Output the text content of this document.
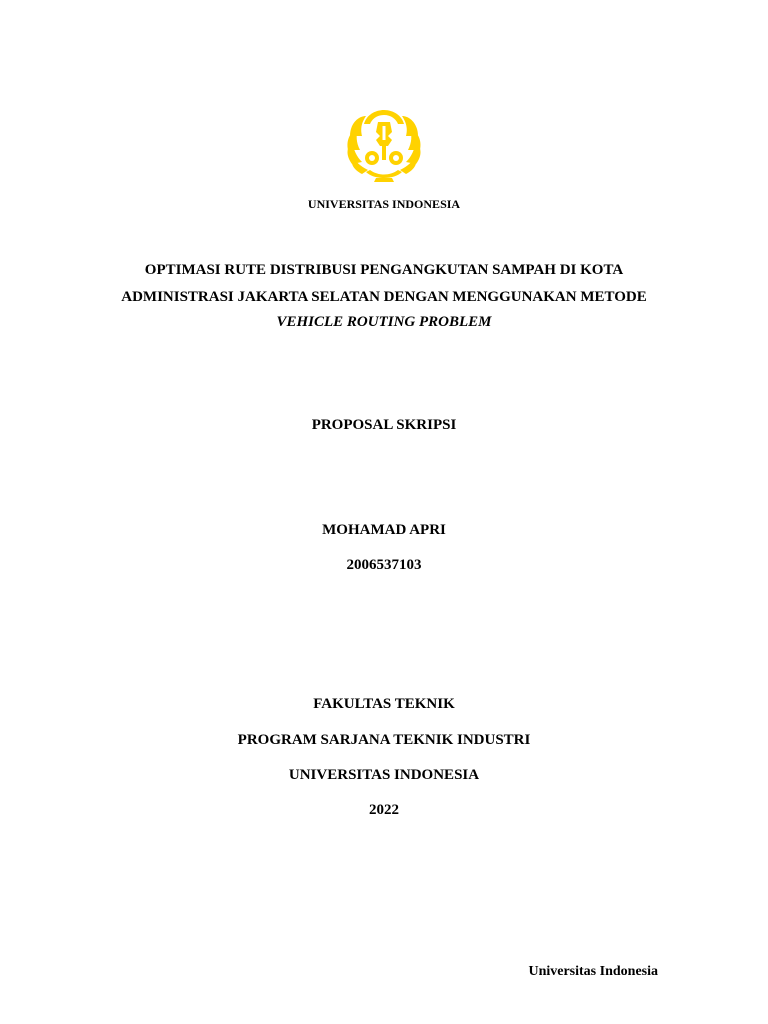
UNIVERSITAS INDONESIA
OPTIMASI RUTE DISTRIBUSI PENGANGKUTAN SAMPAH DI KOTA
ADMINISTRASI JAKARTA SELATAN DENGAN MENGGUNAKAN METODE
VEHICLE ROUTING PROBLEM
PROPOSAL SKRIPSI
MOHAMAD APRI
2006537103
FAKULTAS TEKNIK
PROGRAM SARJANA TEKNIK INDUSTRI
UNIVERSITAS INDONESIA
2022
Universitas Indonesia
